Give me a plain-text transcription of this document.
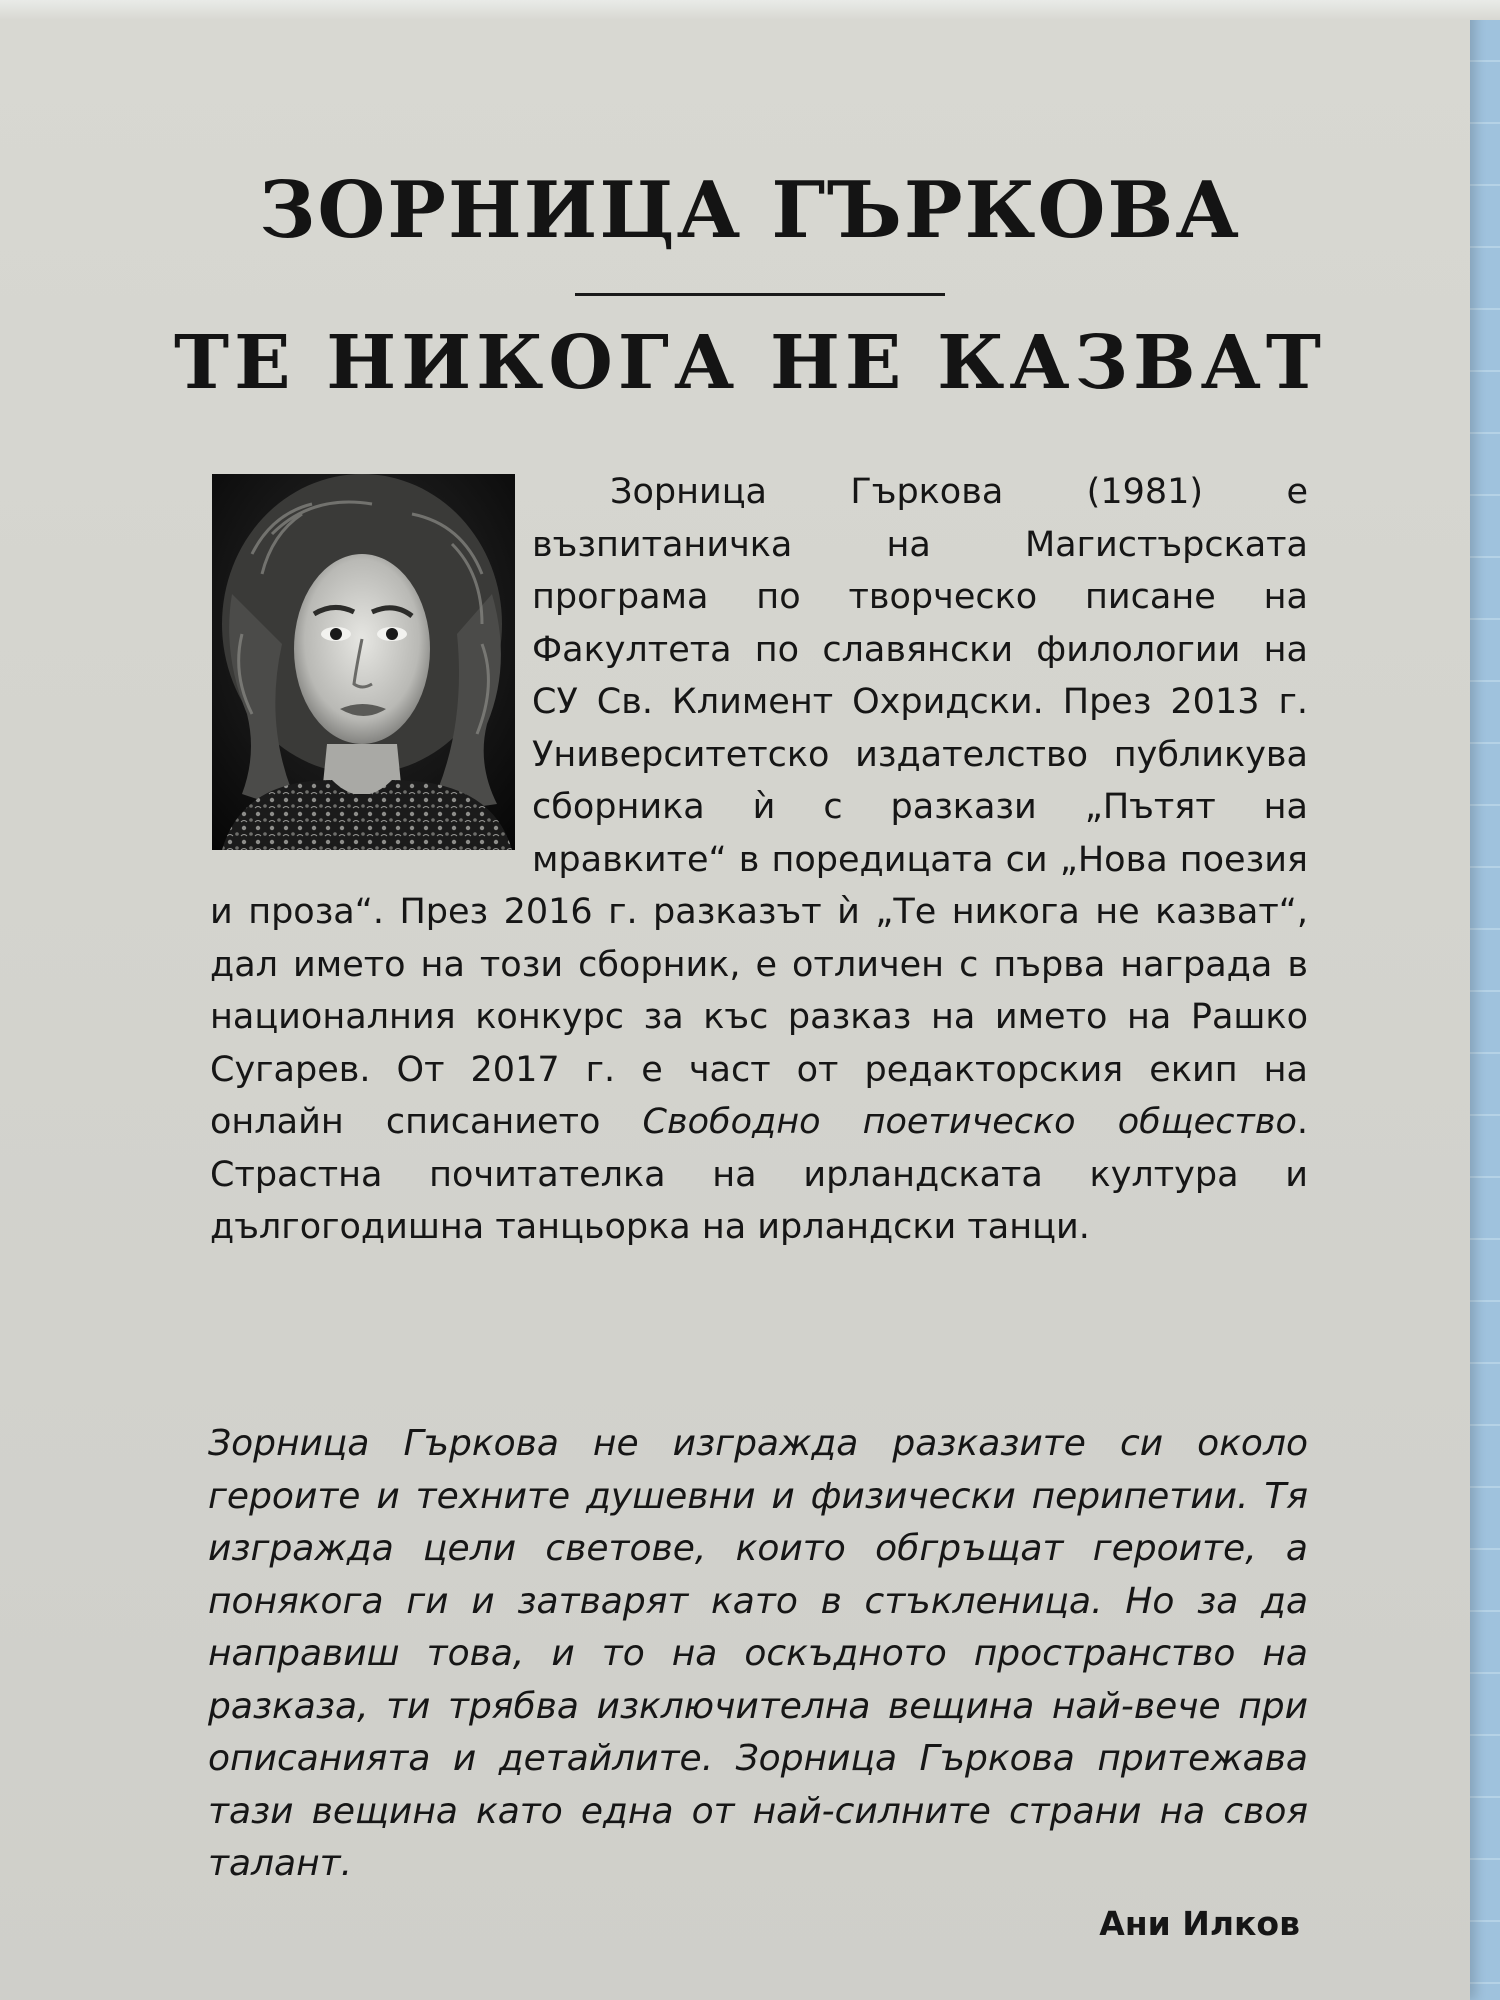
ЗОРНИЦА ГЪРКОВА
ТЕ НИКОГА НЕ КАЗВАТ
Зорница Гъркова (1981) е възпитаничка на Магистърската програма по творческо писане на Факултета по славянски филологии на СУ Св. Климент Охридски. През 2013 г. Университетско издателство публикува сборника ѝ с разкази „Пътят на мравките“ в поредицата си „Нова поезия и проза“. През 2016 г. разказът ѝ „Те никога не казват“, дал името на този сборник, е отличен с първа награда в националния конкурс за къс разказ на името на Рашко Сугарев. От 2017 г. е част от редакторския екип на онлайн списанието Свободно поетическо общество. Страстна почитателка на ирландската култура и дългогодишна танцьорка на ирландски танци.
Зорница Гъркова не изгражда разказите си около героите и техните душевни и физически перипетии. Тя изгражда цели светове, които обгръщат героите, а понякога ги и затварят като в стъкленица. Но за да направиш това, и то на оскъдното пространство на разказа, ти трябва изключителна вещина най-вече при описанията и детайлите. Зорница Гъркова притежава тази вещина като една от най-силните страни на своя талант.
Ани Илков
